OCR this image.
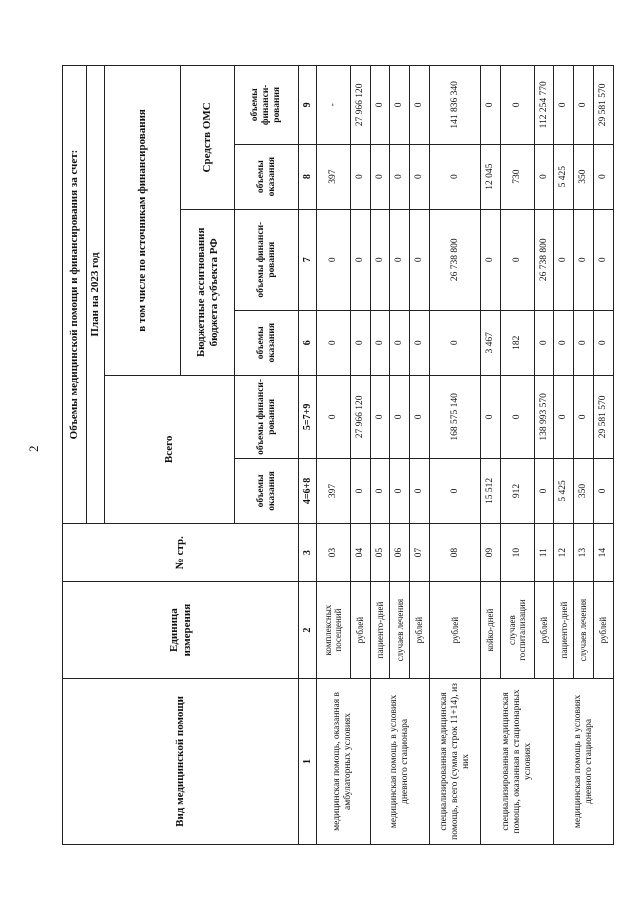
2
Вид медицинской помощи	Единица измерения	№ стр.	Объемы медицинской помощи и финансирования за счет:					
			План на 2023 год					
			Всего		в том числе по источникам финансирования			
					Бюджетные ассигнования бюджета субъекта РФ		Средств ОМС	
			объемы оказания	объемы финанси-рования	объемы оказания	объемы финанси-рования	объемы оказания	объемы финанси-рования
1	2	3	4=6+8	5=7+9	6	7	8	9
медицинская помощь, оказанная в амбулаторных условиях	комплексных посещений	03	397	0	0	0	397	-
	рублей	04	0	27 966 120	0	0	0	27 966 120
медицинская помощь в условиях дневного стационара	пациенто-дней	05	0	0	0	0	0	0
	случаев лечения	06	0	0	0	0	0	0
	рублей	07	0	0	0	0	0	0
специализированная медицинская помощь, всего (сумма строк 11+14), из них	рублей	08	0	168 575 140	0	26 738 800	0	141 836 340
специализированная медицинская помощь, оказанная в стационарных условиях	койко-дней	09	15 512	0	3 467	0	12 045	0
	случаев госпитализации	10	912	0	182	0	730	0
	рублей	11	0	138 993 570	0	26 738 800	0	112 254 770
медицинская помощь в условиях дневного стационара	пациенто-дней	12	5 425	0	0	0	5 425	0
	случаев лечения	13	350	0	0	0	350	0
	рублей	14	0	29 581 570	0	0	0	29 581 570
